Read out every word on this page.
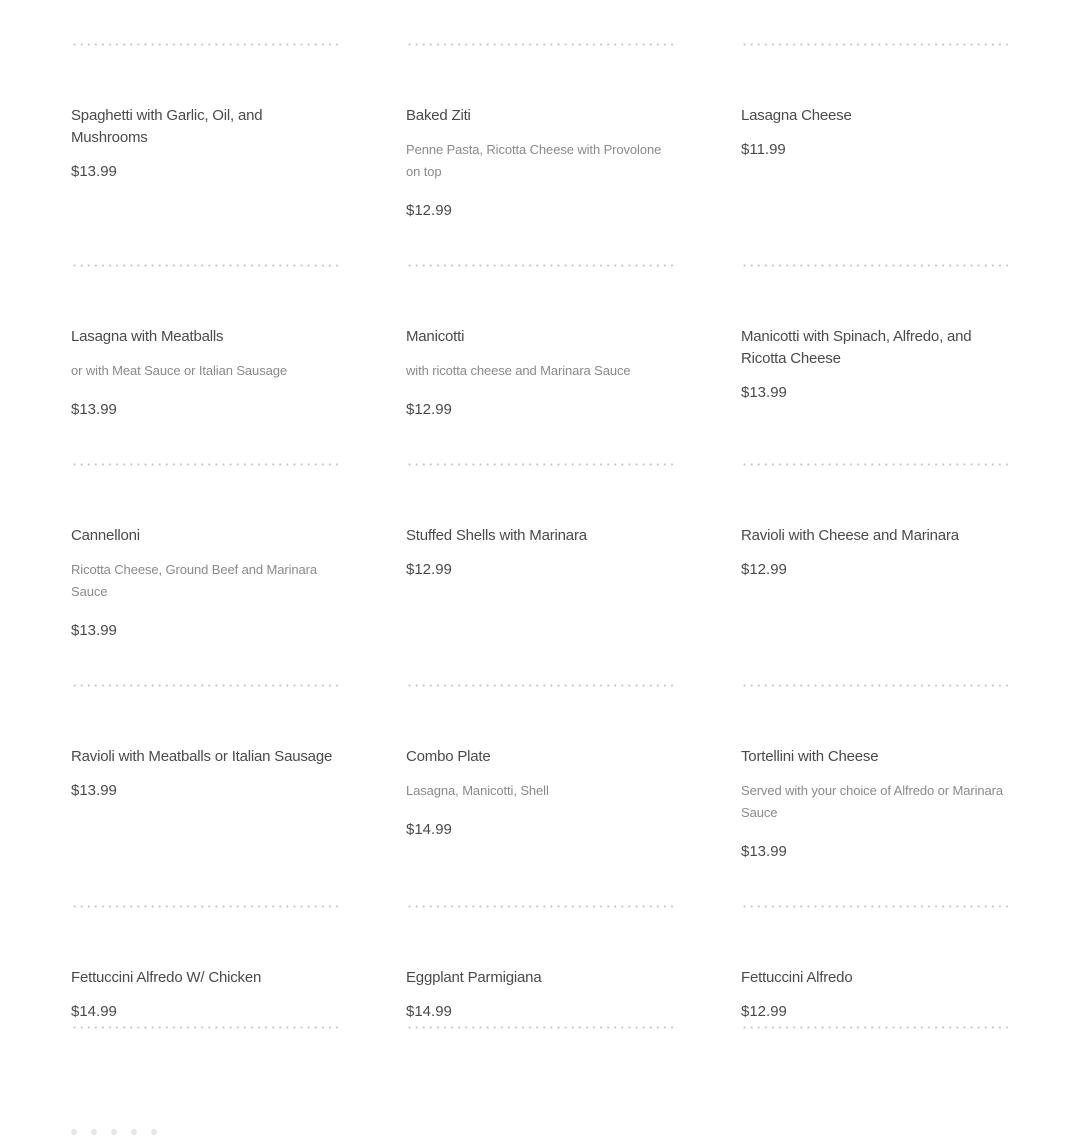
Spaghetti with Garlic, Oil, and Mushrooms

$13.99

Baked Ziti

Penne Pasta, Ricotta Cheese with Provolone on top

$12.99

Lasagna Cheese

$11.99

Lasagna with Meatballs

or with Meat Sauce or Italian Sausage

$13.99

Manicotti

with ricotta cheese and Marinara Sauce

$12.99

Manicotti with Spinach, Alfredo, and Ricotta Cheese

$13.99

Cannelloni

Ricotta Cheese, Ground Beef and Marinara Sauce

$13.99

Stuffed Shells with Marinara

$12.99

Ravioli with Cheese and Marinara

$12.99

Ravioli with Meatballs or Italian Sausage

$13.99

Combo Plate

Lasagna, Manicotti, Shell

$14.99

Tortellini with Cheese

Served with your choice of Alfredo or Marinara Sauce

$13.99

Fettuccini Alfredo W/ Chicken

$14.99

Eggplant Parmigiana

$14.99

Fettuccini Alfredo

$12.99
